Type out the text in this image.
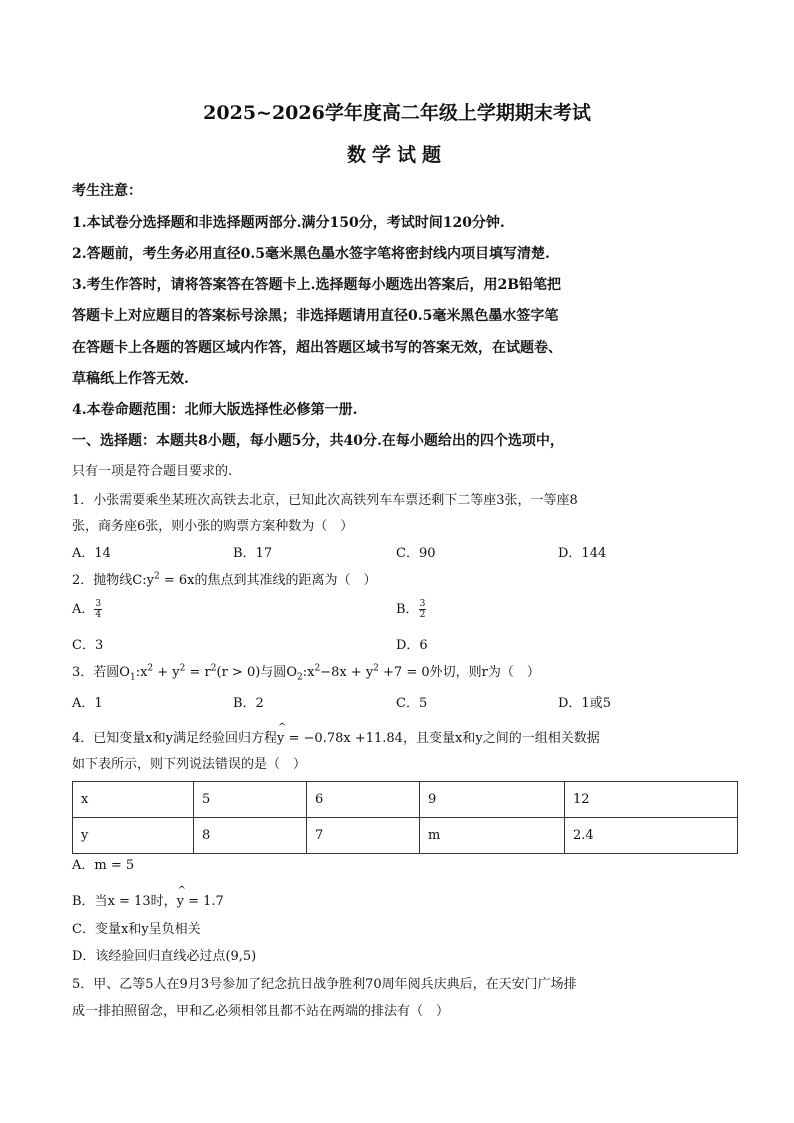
2025~2026学年度高二年级上学期期末考试
数学试题
考生注意：
1.本试卷分选择题和非选择题两部分.满分150分，考试时间120分钟.
2.答题前，考生务必用直径0.5毫米黑色墨水签字笔将密封线内项目填写清楚.
3.考生作答时，请将答案答在答题卡上.选择题每小题选出答案后，用2B铅笔把
答题卡上对应题目的答案标号涂黑；非选择题请用直径0.5毫米黑色墨水签字笔
在答题卡上各题的答题区域内作答，超出答题区域书写的答案无效，在试题卷、
草稿纸上作答无效.
4.本卷命题范围：北师大版选择性必修第一册.
一、选择题：本题共8小题，每小题5分，共40分.在每小题给出的四个选项中，
只有一项是符合题目要求的.
1．小张需要乘坐某班次高铁去北京，已知此次高铁列车车票还剩下二等座3张，一等座8
张，商务座6张，则小张的购票方案种数为（　）
A．14	B．17	C．90	D．144
2．抛物线$C:y^2 = 6x$的焦点到其准线的距离为（　）
A． $\frac{3}{4}$	B． $\frac{3}{2}$
C．3	D．6
3．若圆$O_1:x^2 + y^2 = r^2(r > 0)$与圆$O_2:x^2-8x + y^2 +7 = 0$外切，则r为（　）
A．1	B．2	C．5	D．1或5
4．已知变量x和y满足经验回归方程^ y = −0.78x +11.84，且变量x和y之间的一组相关数据
如下表所示，则下列说法错误的是（　）
x	5	6	9	12
y	8	7	m	2.4
A．m = 5
B．当x = 13时，^ y = 1.7
C．变量x和y呈负相关
D．该经验回归直线必过点(9,5)
5．甲、乙等5人在9月3号参加了纪念抗日战争胜利70周年阅兵庆典后，在天安门广场排
成一排拍照留念，甲和乙必须相邻且都不站在两端的排法有（　）
